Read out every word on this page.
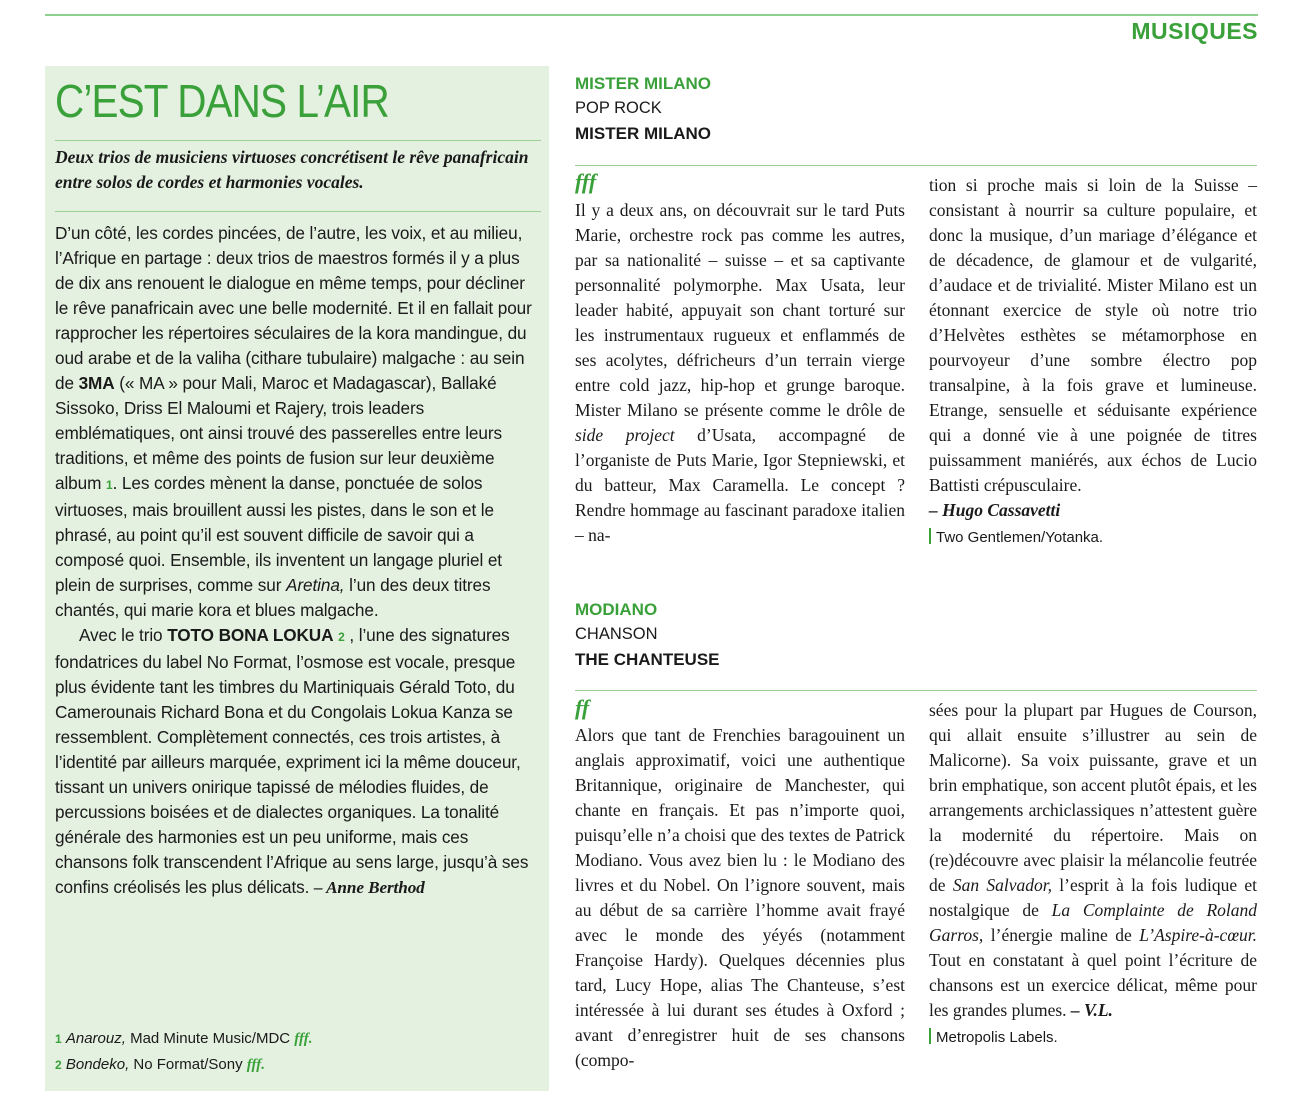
MUSIQUES
C’EST DANS L’AIR
Deux trios de musiciens virtuoses concrétisent le rêve panafricain entre solos de cordes et harmonies vocales.

D’un côté, les cordes pincées, de l’autre, les voix, et au milieu, l’Afrique en partage : deux trios de maestros formés il y a plus de dix ans renouent le dialogue en même temps, pour décliner le rêve panafricain avec une belle modernité. Et il en fallait pour rapprocher les répertoires séculaires de la kora mandingue, du oud arabe et de la valiha (cithare tubulaire) malgache : au sein de 3MA (« MA » pour Mali, Maroc et Madagascar), Ballaké Sissoko, Driss El Maloumi et Rajery, trois leaders emblématiques, ont ainsi trouvé des passerelles entre leurs traditions, et même des points de fusion sur leur deuxième album 1. Les cordes mènent la danse, ponctuée de solos virtuoses, mais brouillent aussi les pistes, dans le son et le phrasé, au point qu’il est souvent difficile de savoir qui a composé quoi. Ensemble, ils inventent un langage pluriel et plein de surprises, comme sur Aretina, l’un des deux titres chantés, qui marie kora et blues malgache.

Avec le trio TOTO BONA LOKUA 2 , l’une des signatures fondatrices du label No Format, l’osmose est vocale, presque plus évidente tant les timbres du Martiniquais Gérald Toto, du Camerounais Richard Bona et du Congolais Lokua Kanza se ressemblent. Complètement connectés, ces trois artistes, à l’identité par ailleurs marquée, expriment ici la même douceur, tissant un univers onirique tapissé de mélodies fluides, de percussions boisées et de dialectes organiques. La tonalité générale des harmonies est un peu uniforme, mais ces chansons folk transcendent l’Afrique au sens large, jusqu’à ses confins créolisés les plus délicats. – Anne Berthod

1 Anarouz, Mad Minute Music/MDC fff.
2 Bondeko, No Format/Sony fff.
MISTER MILANO
POP ROCK
MISTER MILANO
fff

Il y a deux ans, on découvrait sur le tard Puts Marie, orchestre rock pas comme les autres, par sa nationalité – suisse – et sa captivante personnalité polymorphe. Max Usata, leur leader habité, appuyait son chant torturé sur les instrumentaux rugueux et enflammés de ses acolytes, défricheurs d’un terrain vierge entre cold jazz, hip-hop et grunge baroque. Mister Milano se présente comme le drôle de side project d’Usata, accompagné de l’organiste de Puts Marie, Igor Stepniewski, et du batteur, Max Caramella. Le concept ? Rendre hommage au fascinant paradoxe italien – na-

tion si proche mais si loin de la Suisse – consistant à nourrir sa culture populaire, et donc la musique, d’un mariage d’élégance et de décadence, de glamour et de vulgarité, d’audace et de trivialité. Mister Milano est un étonnant exercice de style où notre trio d’Helvètes esthètes se métamorphose en pourvoyeur d’une sombre électro pop transalpine, à la fois grave et lumineuse. Etrange, sensuelle et séduisante expérience qui a donné vie à une poignée de titres puissamment maniérés, aux échos de Lucio Battisti crépusculaire.

– Hugo Cassavetti
Two Gentlemen/Yotanka.
MODIANO
CHANSON
THE CHANTEUSE
ff
Alors que tant de Frenchies baragouinent un anglais approximatif, voici une authentique Britannique, originaire de Manchester, qui chante en français. Et pas n’importe quoi, puisqu’elle n’a choisi que des textes de Patrick Modiano. Vous avez bien lu : le Modiano des livres et du Nobel. On l’ignore souvent, mais au début de sa carrière l’homme avait frayé avec le monde des yéyés (notamment Françoise Hardy). Quelques décennies plus tard, Lucy Hope, alias The Chanteuse, s’est intéressée à lui durant ses études à Oxford ; avant d’enregistrer huit de ses chansons (compo-

sées pour la plupart par Hugues de Courson, qui allait ensuite s’illustrer au sein de Malicorne). Sa voix puissante, grave et un brin emphatique, son accent plutôt épais, et les arrangements archiclassiques n’attestent guère la modernité du répertoire. Mais on (re)découvre avec plaisir la mélancolie feutrée de San Salvador, l’esprit à la fois ludique et nostalgique de La Complainte de Roland Garros, l’énergie maline de L’Aspire-à-cœur. Tout en constatant à quel point l’écriture de chansons est un exercice délicat, même pour les grandes plumes. – V.L.

Metropolis Labels.
